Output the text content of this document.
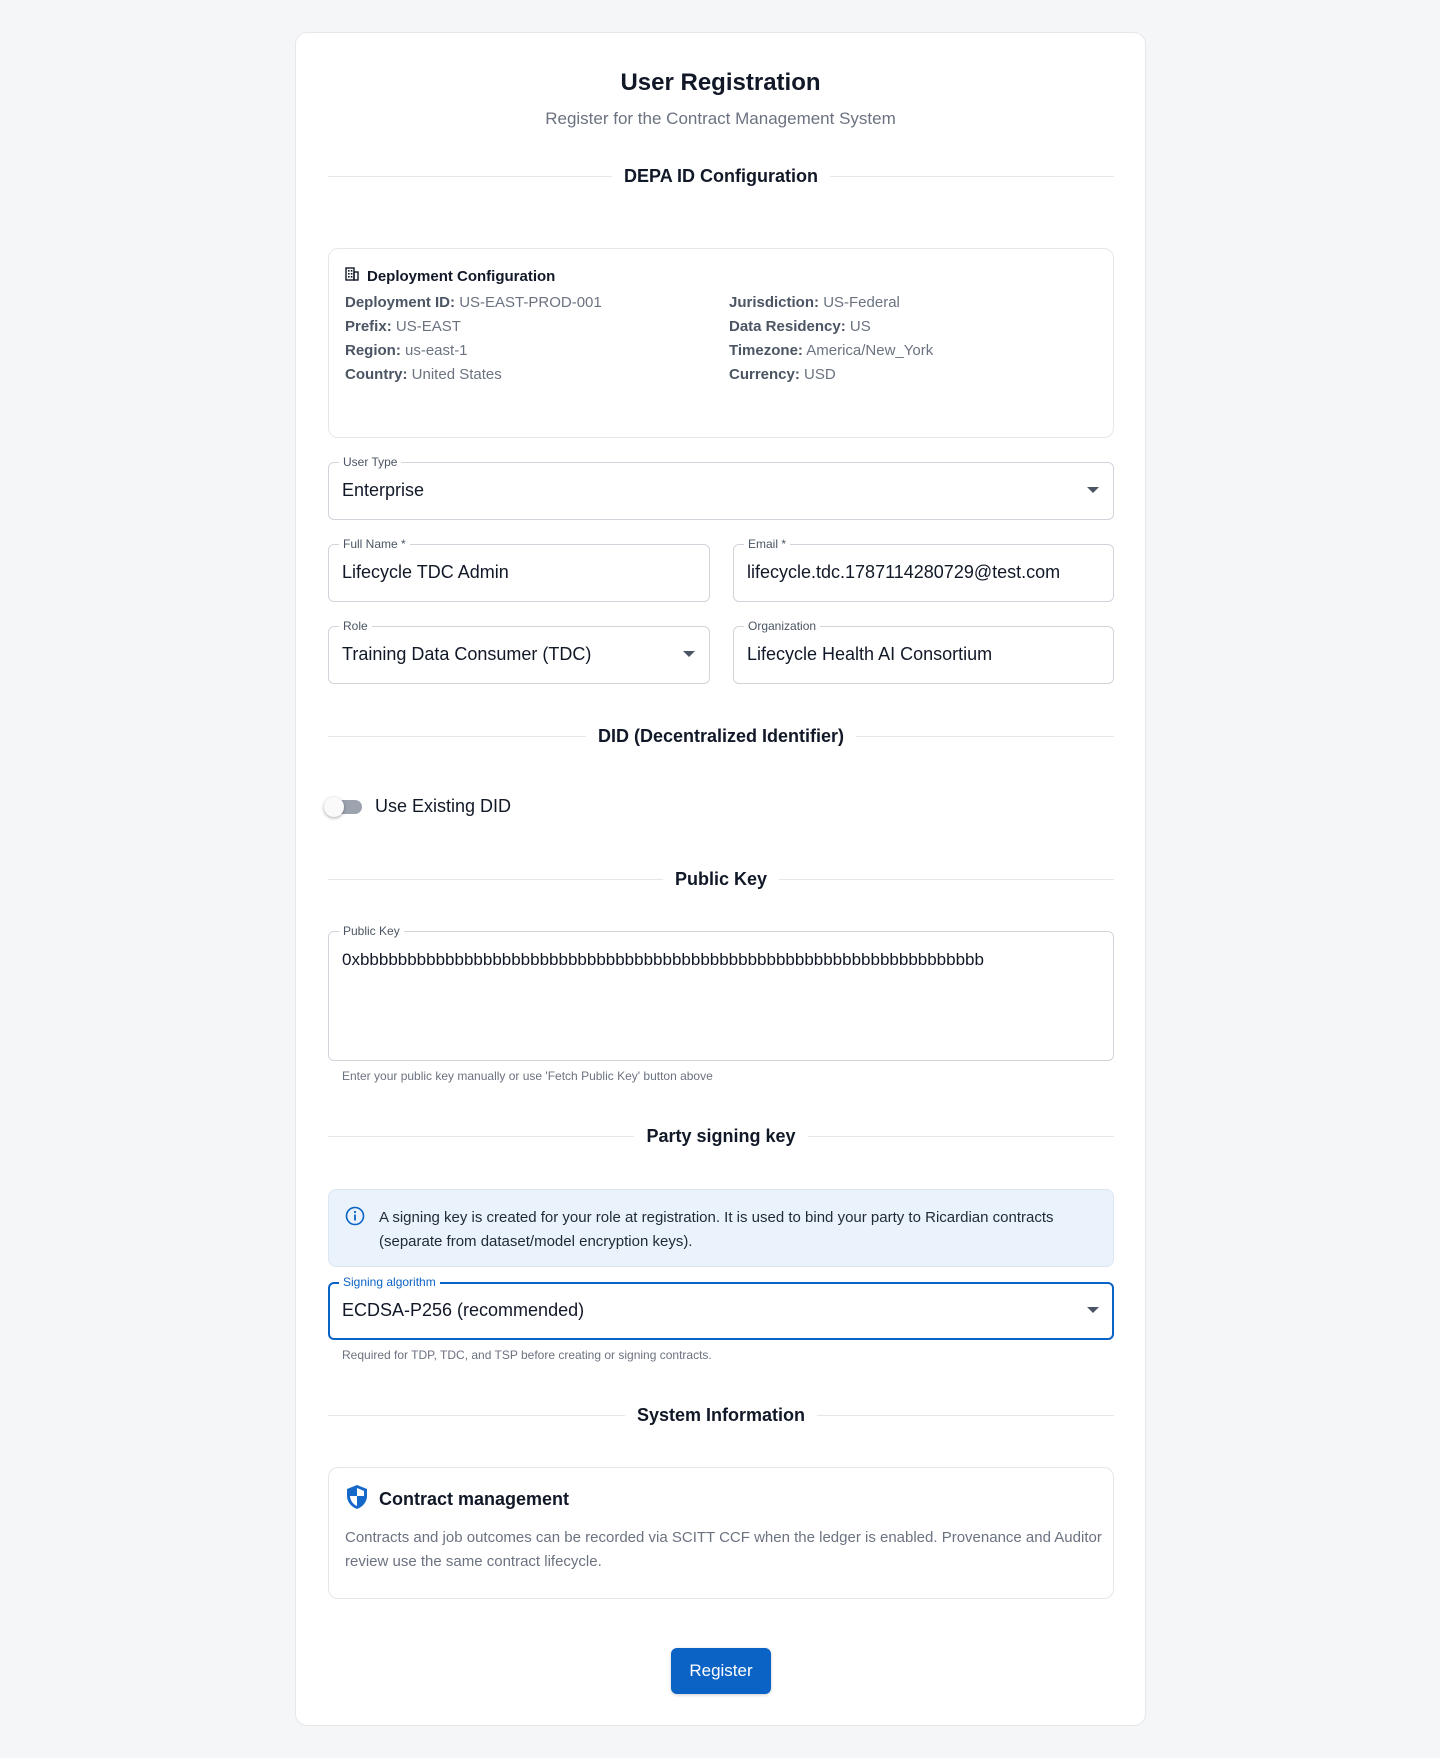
User Registration
Register for the Contract Management System
DEPA ID Configuration
Deployment Configuration
Deployment ID: US-EAST-PROD-001	Jurisdiction: US-Federal
Prefix: US-EAST	Data Residency: US
Region: us-east-1	Timezone: America/New_York
Country: United States	Currency: USD
User Type
Enterprise
Full Name *
Lifecycle TDC Admin
Email *
lifecycle.tdc.1787114280729@test.com
Role
Training Data Consumer (TDC)
Organization
Lifecycle Health AI Consortium
DID (Decentralized Identifier)
Use Existing DID
Public Key
Public Key
0xbbbbbbbbbbbbbbbbbbbbbbbbbbbbbbbbbbbbbbbbbbbbbbbbbbbbbbbbbbbbbbbbbb
Enter your public key manually or use 'Fetch Public Key' button above
Party signing key
A signing key is created for your role at registration. It is used to bind your party to Ricardian contracts (separate from dataset/model encryption keys).
Signing algorithm
ECDSA-P256 (recommended)
Required for TDP, TDC, and TSP before creating or signing contracts.
System Information
Contract management
Contracts and job outcomes can be recorded via SCITT CCF when the ledger is enabled. Provenance and Auditor review use the same contract lifecycle.
Register
